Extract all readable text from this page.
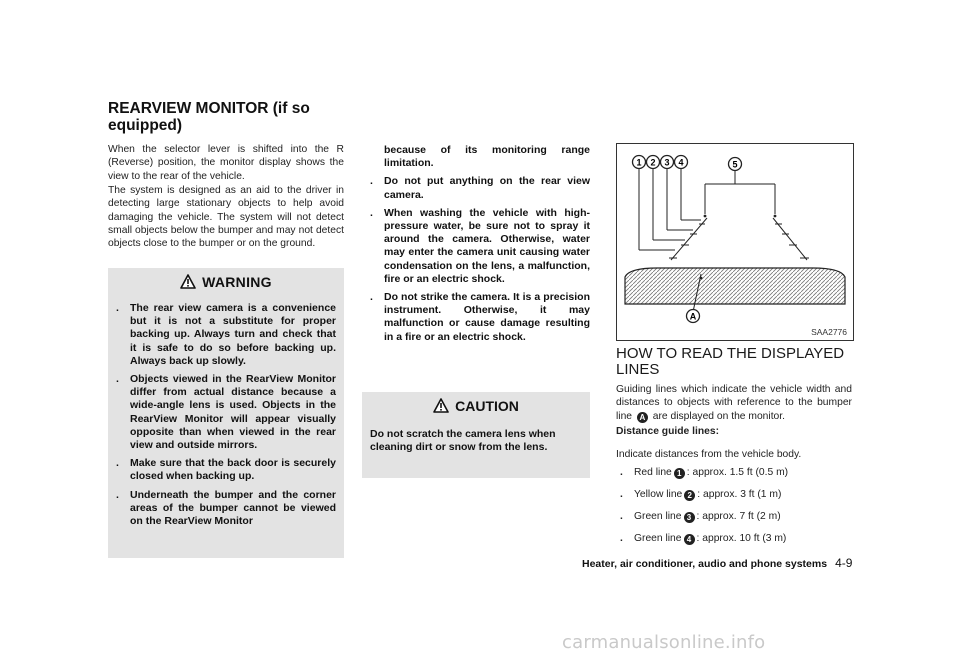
REARVIEW MONITOR (if so equipped)
When the selector lever is shifted into the R (Reverse) position, the monitor display shows the view to the rear of the vehicle.
The system is designed as an aid to the driver in detecting large stationary objects to help avoid damaging the vehicle. The system will not detect small objects below the bumper and may not detect objects close to the bumper or on the ground.
WARNING
. The rear view camera is a convenience but it is not a substitute for proper backing up. Always turn and check that it is safe to do so before backing up. Always back up slowly.
. Objects viewed in the RearView Monitor differ from actual distance because a wide-angle lens is used. Objects in the RearView Monitor will appear visually opposite than when viewed in the rear view and outside mirrors.
. Make sure that the back door is securely closed when backing up.
. Underneath the bumper and the corner areas of the bumper cannot be viewed on the RearView Monitor
because of its monitoring range limitation.
. Do not put anything on the rear view camera.
. When washing the vehicle with high-pressure water, be sure not to spray it around the camera. Otherwise, water may enter the camera unit causing water condensation on the lens, a malfunction, fire or an electric shock.
. Do not strike the camera. It is a precision instrument. Otherwise, it may malfunction or cause damage resulting in a fire or an electric shock.
CAUTION
Do not scratch the camera lens when cleaning dirt or snow from the lens.
1 2 3 4	5
A
SAA2776
HOW TO READ THE DISPLAYED LINES
Guiding lines which indicate the vehicle width and distances to objects with reference to the bumper line A are displayed on the monitor.
Distance guide lines:
Indicate distances from the vehicle body.
. Red line 1 : approx. 1.5 ft (0.5 m)
. Yellow line 2 : approx. 3 ft (1 m)
. Green line 3 : approx. 7 ft (2 m)
. Green line 4 : approx. 10 ft (3 m)
Heater, air conditioner, audio and phone systems 4-9
carmanualsonline.info
